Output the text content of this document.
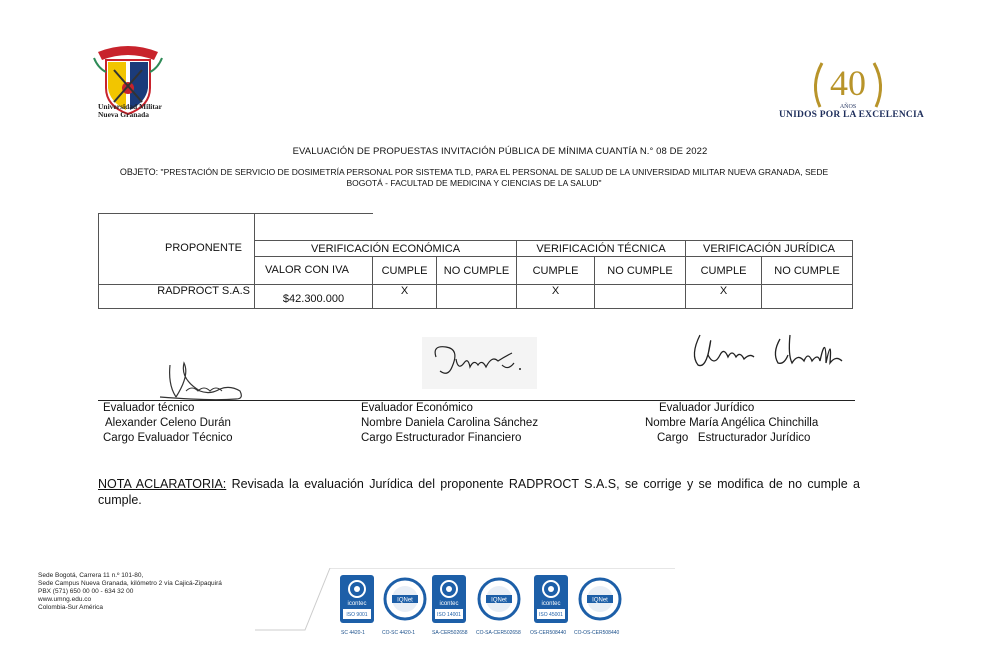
Universidad Militar
Nueva Granada
40
AÑOS
UNIDOS POR LA EXCELENCIA
EVALUACIÓN DE PROPUESTAS INVITACIÓN PÚBLICA DE MÍNIMA CUANTÍA N.° 08 DE 2022
OBJETO: "PRESTACIÓN DE SERVICIO DE DOSIMETRÍA PERSONAL POR SISTEMA TLD, PARA EL PERSONAL DE SALUD DE LA UNIVERSIDAD MILITAR NUEVA GRANADA, SEDE BOGOTÁ - FACULTAD DE MEDICINA Y CIENCIAS DE LA SALUD"
PROPONENTE							
	VERIFICACIÓN ECONÓMICA			VERIFICACIÓN TÉCNICA		VERIFICACIÓN JURÍDICA	
	VALOR CON IVA	CUMPLE	NO CUMPLE	CUMPLE	NO CUMPLE	CUMPLE	NO CUMPLE
RADPROCT S.A.S	$42.300.000	X		X		X	
Evaluador técnico
Alexander Celeno Durán
Cargo Evaluador Técnico
Evaluador Económico
Nombre Daniela Carolina Sánchez
Cargo Estructurador Financiero
Evaluador Jurídico
Nombre María Angélica Chinchilla
Cargo   Estructurador Jurídico
NOTA ACLARATORIA: Revisada la evaluación Jurídica del proponente RADPROCT S.A.S, se corrige y se modifica de no cumple a cumple.
Sede Bogotá, Carrera 11 n.º 101-80,
Sede Campus Nueva Granada, kilómetro 2 vía Cajicá-Zipaquirá
PBX (571) 650 00 00 - 634 32 00
www.umng.edu.co
Colombia-Sur América	icontec
ISO 9001
IQNet
icontec
ISO 14001
IQNet
icontec
ISO 45001
IQNet
SC 4420-1	CO-SC 4420-1	SA-CER502658 CO-SA-CER502658 OS-CER508440 CO-OS-CER508440
